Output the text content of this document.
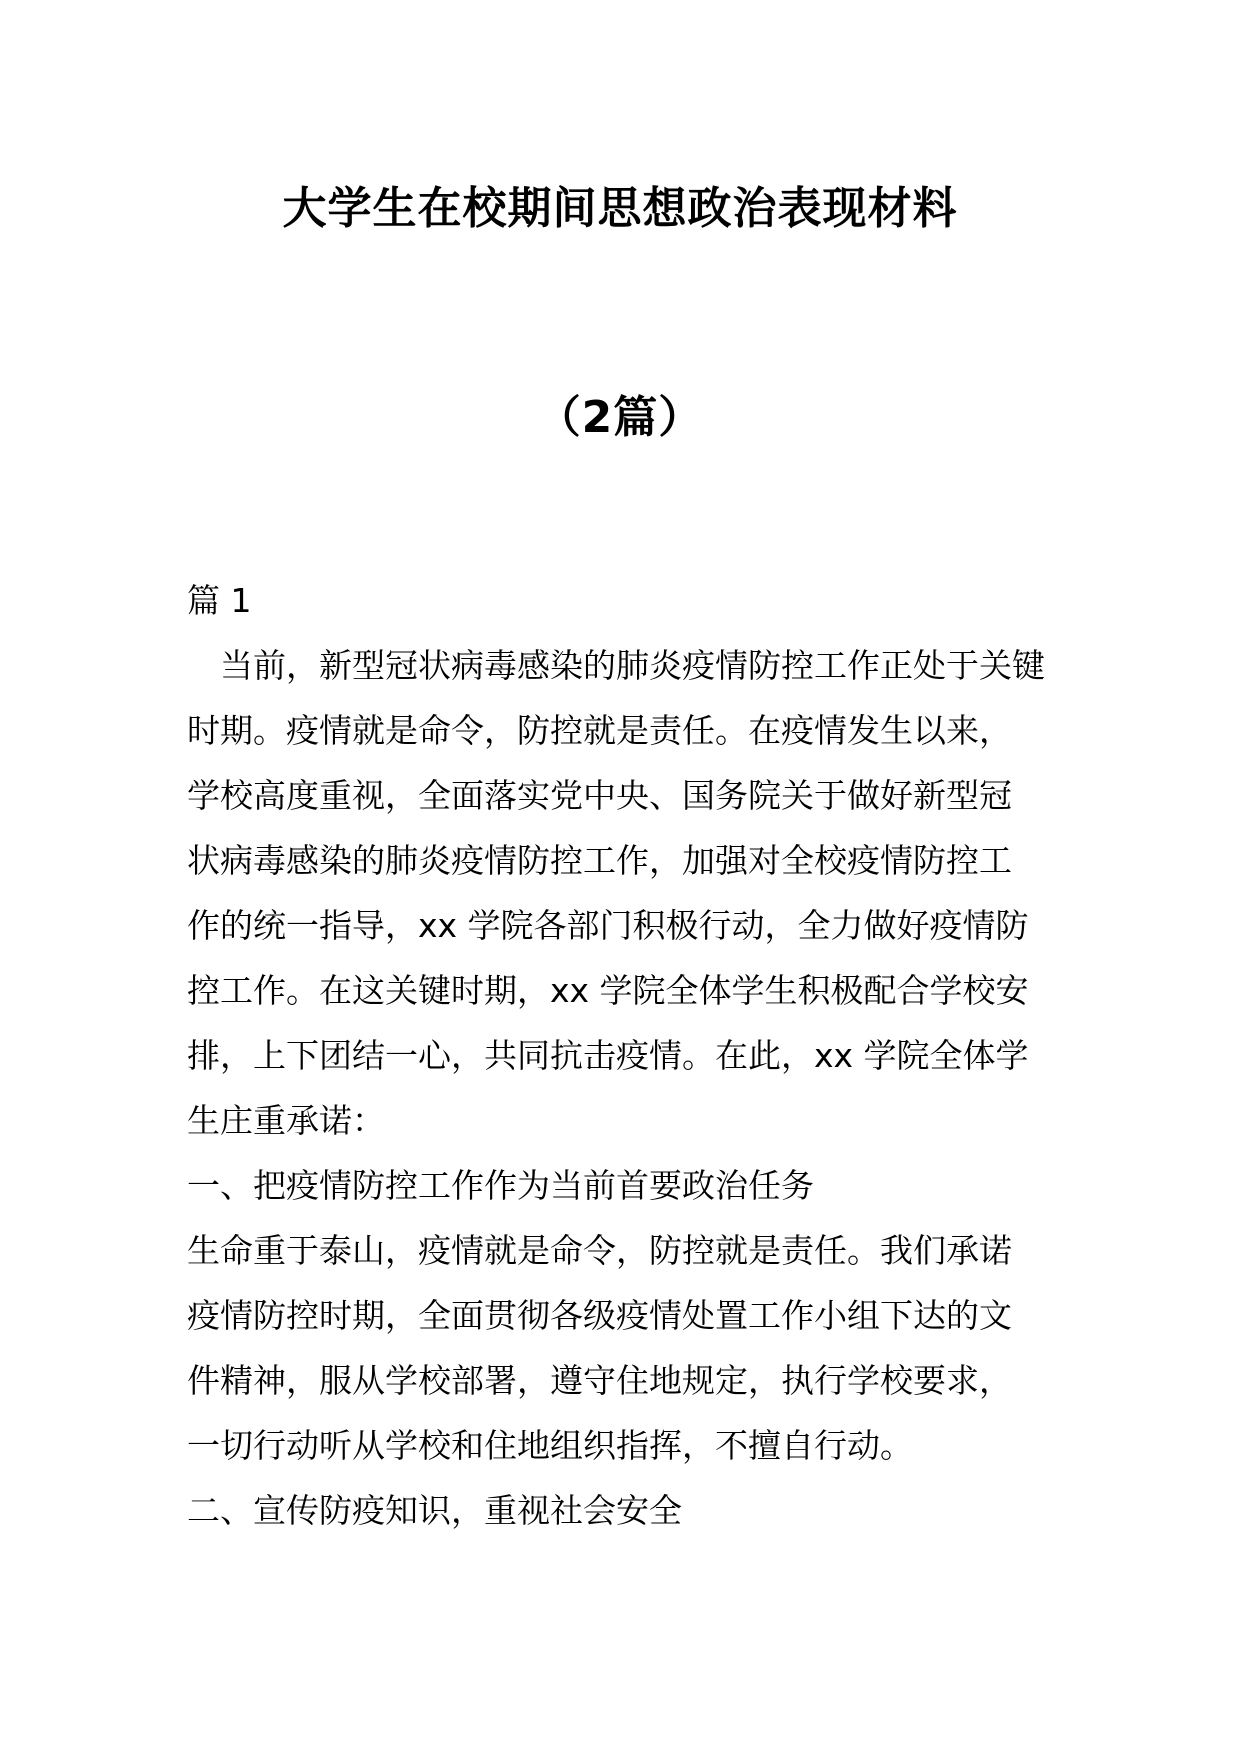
大学生在校期间思想政治表现材料
（2篇）
篇 1
　当前，新型冠状病毒感染的肺炎疫情防控工作正处于关键
时期。疫情就是命令，防控就是责任。在疫情发生以来，
学校高度重视，全面落实党中央、国务院关于做好新型冠
状病毒感染的肺炎疫情防控工作，加强对全校疫情防控工
作的统一指导，xx 学院各部门积极行动，全力做好疫情防
控工作。在这关键时期，xx 学院全体学生积极配合学校安
排，上下团结一心，共同抗击疫情。在此，xx 学院全体学
生庄重承诺：
一、把疫情防控工作作为当前首要政治任务
生命重于泰山，疫情就是命令，防控就是责任。我们承诺
疫情防控时期，全面贯彻各级疫情处置工作小组下达的文
件精神，服从学校部署，遵守住地规定，执行学校要求，
一切行动听从学校和住地组织指挥，不擅自行动。
二、宣传防疫知识，重视社会安全
